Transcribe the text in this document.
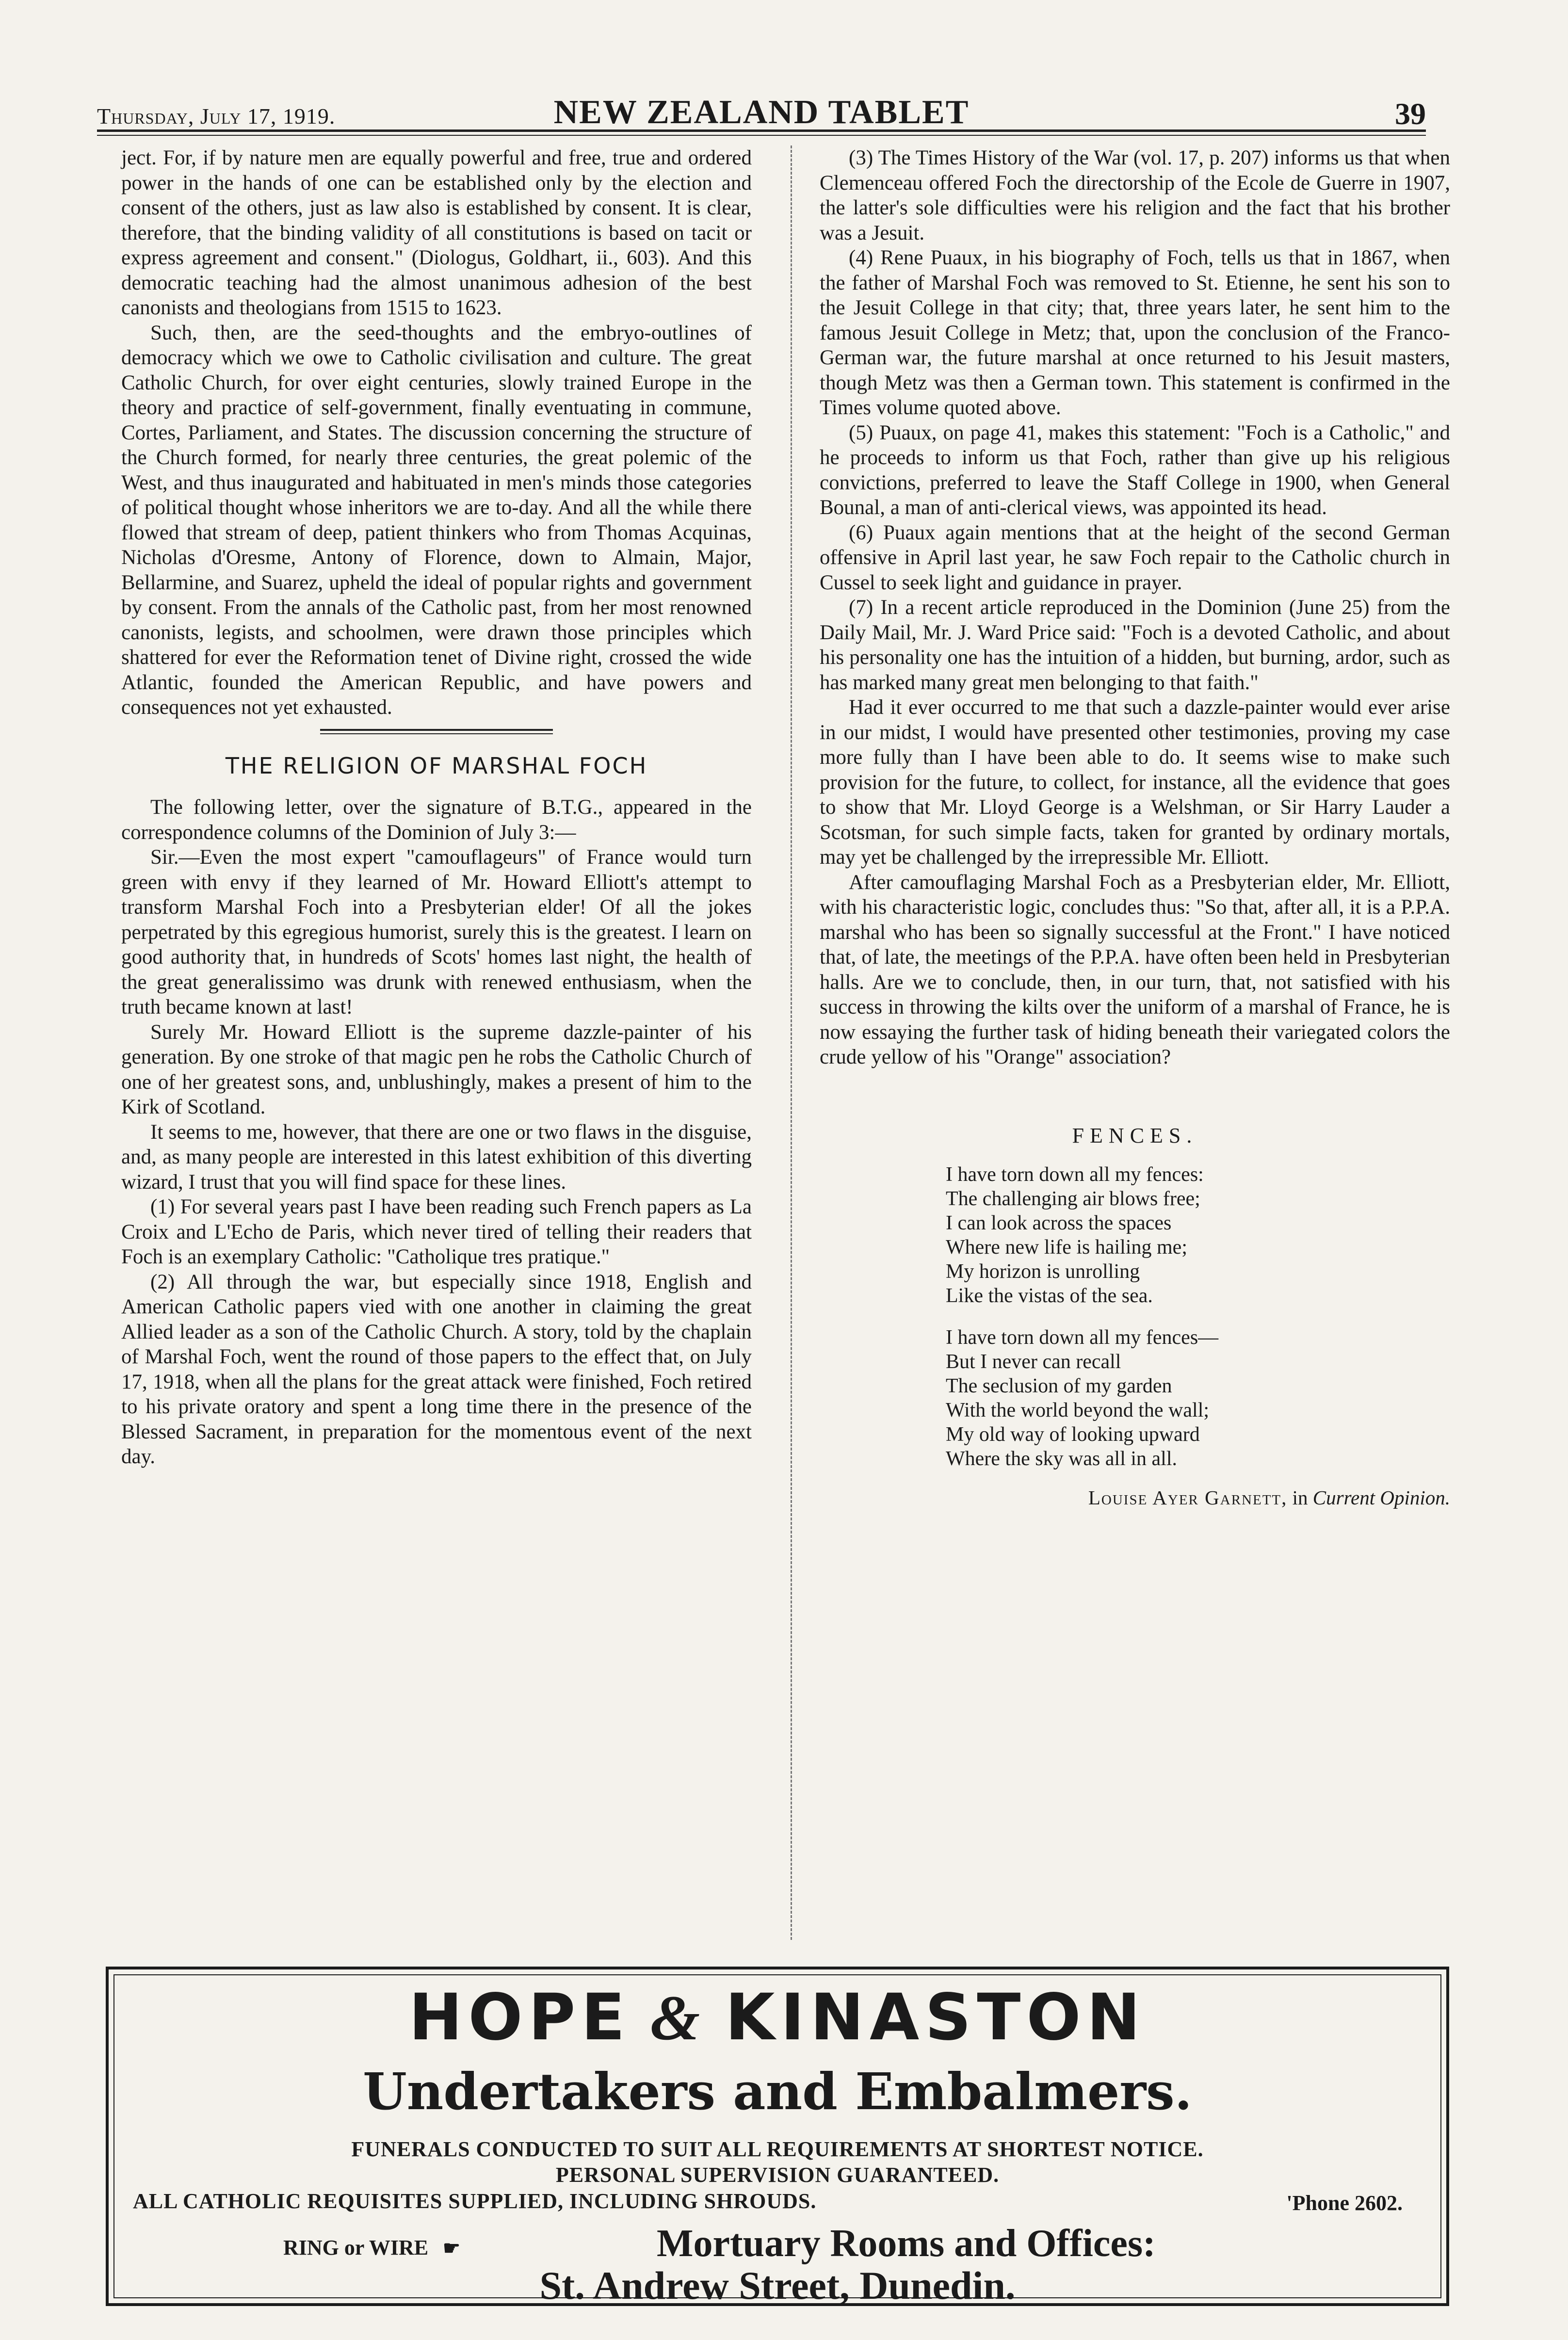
Thursday, July 17, 1919.	NEW ZEALAND TABLET	39

ject. For, if by nature men are equally powerful and free, true and ordered power in the hands of one can be established only by the election and consent of the others, just as law also is established by consent. It is clear, therefore, that the binding validity of all constitutions is based on tacit or express agreement and consent." (Diologus, Goldhart, ii., 603). And this democratic teaching had the almost unanimous adhesion of the best canonists and theologians from 1515 to 1623.

Such, then, are the seed-thoughts and the embryo-outlines of democracy which we owe to Catholic civilisation and culture. The great Catholic Church, for over eight centuries, slowly trained Europe in the theory and practice of self-government, finally eventuating in commune, Cortes, Parliament, and States. The discussion concerning the structure of the Church formed, for nearly three centuries, the great polemic of the West, and thus inaugurated and habituated in men's minds those categories of political thought whose inheritors we are to-day. And all the while there flowed that stream of deep, patient thinkers who from Thomas Acquinas, Nicholas d'Oresme, Antony of Florence, down to Almain, Major, Bellarmine, and Suarez, upheld the ideal of popular rights and government by consent. From the annals of the Catholic past, from her most renowned canonists, legists, and schoolmen, were drawn those principles which shattered for ever the Reformation tenet of Divine right, crossed the wide Atlantic, founded the American Republic, and have powers and consequences not yet exhausted.

THE RELIGION OF MARSHAL FOCH

The following letter, over the signature of B.T.G., appeared in the correspondence columns of the Dominion of July 3:—

Sir.—Even the most expert "camouflageurs" of France would turn green with envy if they learned of Mr. Howard Elliott's attempt to transform Marshal Foch into a Presbyterian elder! Of all the jokes perpetrated by this egregious humorist, surely this is the greatest. I learn on good authority that, in hundreds of Scots' homes last night, the health of the great generalissimo was drunk with renewed enthusiasm, when the truth became known at last!

Surely Mr. Howard Elliott is the supreme dazzle-painter of his generation. By one stroke of that magic pen he robs the Catholic Church of one of her greatest sons, and, unblushingly, makes a present of him to the Kirk of Scotland.

It seems to me, however, that there are one or two flaws in the disguise, and, as many people are interested in this latest exhibition of this diverting wizard, I trust that you will find space for these lines.

(1) For several years past I have been reading such French papers as La Croix and L'Echo de Paris, which never tired of telling their readers that Foch is an exemplary Catholic: "Catholique tres pratique."

(2) All through the war, but especially since 1918, English and American Catholic papers vied with one another in claiming the great Allied leader as a son of the Catholic Church. A story, told by the chaplain of Marshal Foch, went the round of those papers to the effect that, on July 17, 1918, when all the plans for the great attack were finished, Foch retired to his private oratory and spent a long time there in the presence of the Blessed Sacrament, in preparation for the momentous event of the next day.

(3) The Times History of the War (vol. 17, p. 207) informs us that when Clemenceau offered Foch the directorship of the Ecole de Guerre in 1907, the latter's sole difficulties were his religion and the fact that his brother was a Jesuit.

(4) Rene Puaux, in his biography of Foch, tells us that in 1867, when the father of Marshal Foch was removed to St. Etienne, he sent his son to the Jesuit College in that city; that, three years later, he sent him to the famous Jesuit College in Metz; that, upon the conclusion of the Franco-German war, the future marshal at once returned to his Jesuit masters, though Metz was then a German town. This statement is confirmed in the Times volume quoted above.

(5) Puaux, on page 41, makes this statement: "Foch is a Catholic," and he proceeds to inform us that Foch, rather than give up his religious convictions, preferred to leave the Staff College in 1900, when General Bounal, a man of anti-clerical views, was appointed its head.

(6) Puaux again mentions that at the height of the second German offensive in April last year, he saw Foch repair to the Catholic church in Cussel to seek light and guidance in prayer.

(7) In a recent article reproduced in the Dominion (June 25) from the Daily Mail, Mr. J. Ward Price said: "Foch is a devoted Catholic, and about his personality one has the intuition of a hidden, but burning, ardor, such as has marked many great men belonging to that faith."

Had it ever occurred to me that such a dazzle-painter would ever arise in our midst, I would have presented other testimonies, proving my case more fully than I have been able to do. It seems wise to make such provision for the future, to collect, for instance, all the evidence that goes to show that Mr. Lloyd George is a Welshman, or Sir Harry Lauder a Scotsman, for such simple facts, taken for granted by ordinary mortals, may yet be challenged by the irrepressible Mr. Elliott.

After camouflaging Marshal Foch as a Presbyterian elder, Mr. Elliott, with his characteristic logic, concludes thus: "So that, after all, it is a P.P.A. marshal who has been so signally successful at the Front." I have noticed that, of late, the meetings of the P.P.A. have often been held in Presbyterian halls. Are we to conclude, then, in our turn, that, not satisfied with his success in throwing the kilts over the uniform of a marshal of France, he is now essaying the further task of hiding beneath their variegated colors the crude yellow of his "Orange" association?

FENCES.
I have torn down all my fences:
The challenging air blows free;
I can look across the spaces
Where new life is hailing me;
My horizon is unrolling
Like the vistas of the sea.
I have torn down all my fences—
But I never can recall
The seclusion of my garden
With the world beyond the wall;
My old way of looking upward
Where the sky was all in all.
Louise Ayer Garnett, in Current Opinion.
HOPE & KINASTON
Undertakers and Embalmers.
FUNERALS CONDUCTED TO SUIT ALL REQUIREMENTS AT SHORTEST NOTICE.
PERSONAL SUPERVISION GUARANTEED.
ALL CATHOLIC REQUISITES SUPPLIED, INCLUDING SHROUDS.	'Phone 2602.
RING or WIRE ☛	Mortuary Rooms and Offices:
St. Andrew Street, Dunedin.
